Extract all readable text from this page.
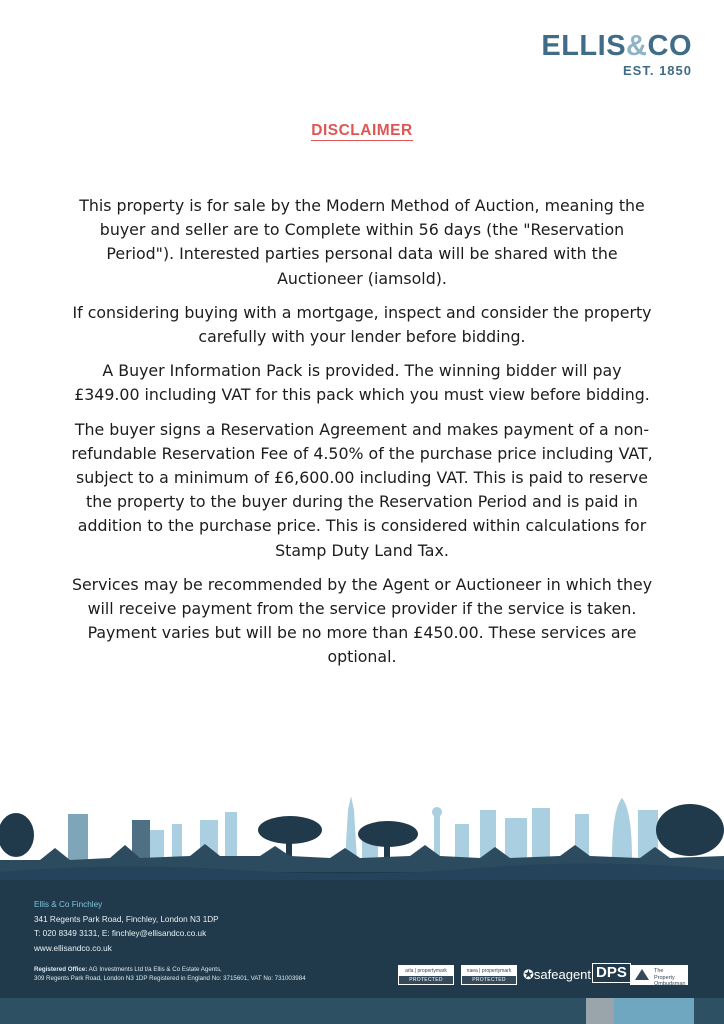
ELLIS&CO
EST. 1850
DISCLAIMER

This property is for sale by the Modern Method of Auction, meaning the buyer and seller are to Complete within 56 days (the "Reservation Period"). Interested parties personal data will be shared with the Auctioneer (iamsold).

If considering buying with a mortgage, inspect and consider the property carefully with your lender before bidding.

A Buyer Information Pack is provided. The winning bidder will pay £349.00 including VAT for this pack which you must view before bidding.

The buyer signs a Reservation Agreement and makes payment of a non-refundable Reservation Fee of 4.50% of the purchase price including VAT, subject to a minimum of £6,600.00 including VAT. This is paid to reserve the property to the buyer during the Reservation Period and is paid in addition to the purchase price. This is considered within calculations for Stamp Duty Land Tax.

Services may be recommended by the Agent or Auctioneer in which they will receive payment from the service provider if the service is taken. Payment varies but will be no more than £450.00. These services are optional.

Ellis & Co Finchley
341 Regents Park Road, Finchley, London N3 1DP
T: 020 8349 3131, E: finchley@ellisandco.co.uk
www.ellisandco.co.uk
Registered Office: AG Investments Ltd t/a Ellis & Co Estate Agents,
309 Regents Park Road, London N3 1DP Registered in England No: 3715601, VAT No: 731003984
arla | propertymark
PROTECTED
naea | propertymark
PROTECTED	✪safeagent DPS	The Property Ombudsman
